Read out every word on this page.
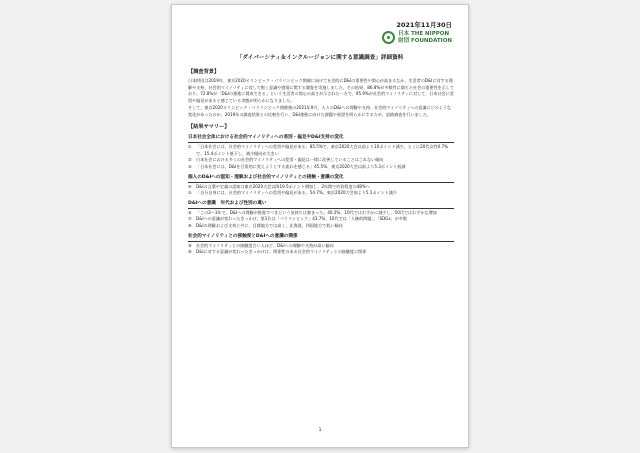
2021年11月30日
日本 THE NIPPON
財団 FOUNDATION
「ダイバーシティ＆インクルージョンに関する意識調査」詳細資料
【調査背景】

日本財団は2019年、東京2020オリンピック・パラリンピック開催に向けて社会的にD&Iの重要性や関心が高まるなか、生活者のD&Iに対する理解や支持、社会的マイノリティに対して抱く意識や感情に関する調査を実施しました。その結果、86.8%が多様性に満ちた社会の重要性を示しており、72.8%が「D&Iの推進に賛成できる」という生活者の関心の高さが示された一方で、95.9%が社会的マイノリティに対して、日本社会に差別や偏見があると感じている実態が明らかになりました。

そして、東京2020オリンピック・パラリンピック開催後の2021年9月、人々のD&Iへの理解や支持、社会的マイノリティへの意識にどのような変化があったのか、2019年の調査結果との比較を行い、D&I推進に向けた課題や展望を明らかにするため、追跡調査を行いました。

【結果サマリー】
日本社会全体における社会的マイノリティへの差別・偏見やD&I支持の変化
①	「日本社会には、社会的マイノリティへの差別や偏見がある」85.5%で、東京2020大会以前より10ポイント減少。とくに20代女性0.7%で、15.4ポイント低下し、減少傾向が大きい
②	日本社会における多くの社会的マイノリティへの差別・偏見は一律に改善していることはこれない傾向
③	「日本社会には、D&Iを日常的に変えようとする流れを感じる」45.5%、東京2020大会以前より5.3ポイント低減
個人のD&Iへの認知・理解および社会的マイノリティとの接触・意識の変化
④	D&Iの言葉や定義の認知は東京2020大会以降19.5ポイント増加し、2年間で約倍程度の48%へ
⑤	「自分自身には、社会的マイノリティへの差別や偏見がある」54.7%。東京2020大会前より5.1ポイント減少
D&Iへの意識　年代および性別の違い
⑥	「この2〜3年で、D&Iへの理解が推進すべきという気持ちは強まった」40.2%。10代ではわずかに減少し、50代ではわずかな増加
⑦	D&Iへの意識が変わったきっかけ、第1位は「パラリンピック」43.7%、10代では「人権的問題」、「SDGs」が多数
⑧	D&Iの理解および支持と共に、目標地方では高く、北海道、四国地方で低い傾向
社会的マイノリティとの接触度とD&Iへの意識の関係
⑨	社会的マイノリティとの接触度合い人ほど、D&Iへの理解や支持が高い傾向
⑩	D&Iに対する意識が変わったきっかけは、関係性のある社会的マイノリティとの接触度に関係
1
